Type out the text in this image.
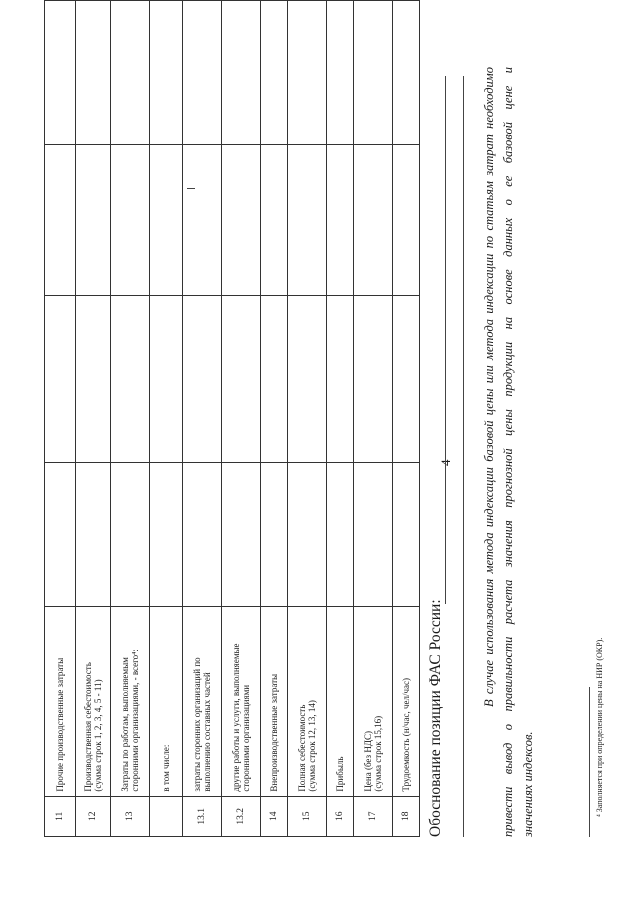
4
11	Прочие производственные затраты				

12	Производственная себестоимость (сумма строк 1, 2, 3, 4, 5 - 11)				

13	Затраты по работам, выполняемым сторонними организациями, - всего⁴:				

	в том числе:				

13.1	затраты сторонних организаций по выполнению составных частей				

13.2	другие работы и услуги, выполняемые сторонними организациями				

14	Внепроизводственные затраты				

15	Полная себестоимость (сумма строк 12, 13, 14)				

16	Прибыль				

17	Цена (без НДС) (сумма строк 15,16)				

18	Трудоемкость (н/час, чел/час)				
				Обоснование позиции ФАС России:
В случае использования метода индексации базовой цены или метода индексации по статьям затрат необходимо привести вывод о правильности расчета значения прогнозной цены продукции на основе данных о ее базовой цене и значениях индексов.	⁴ Заполняется при определении цены на НИР (ОКР).
